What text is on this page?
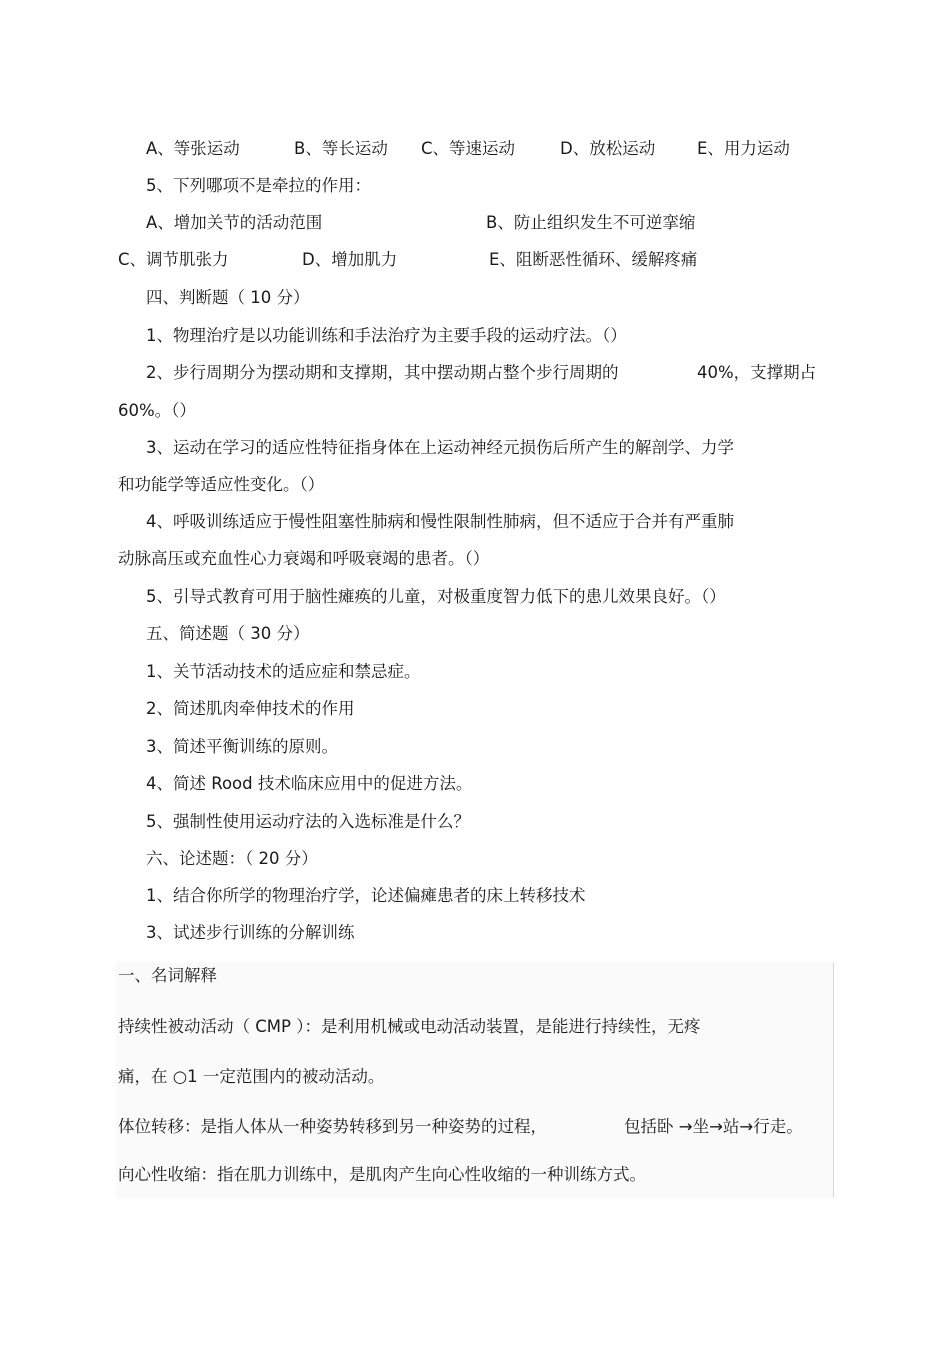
A、等张运动	B、等长运动 C、等速运动	D、放松运动	E、用力运动
5、下列哪项不是牵拉的作用：
A、增加关节的活动范围	B、防止组织发生不可逆挛缩
C、调节肌张力	D、增加肌力	E、阻断恶性循环、缓解疼痛
四、判断题（ 10 分）
1、物理治疗是以功能训练和手法治疗为主要手段的运动疗法。（）
2、步行周期分为摆动期和支撑期，其中摆动期占整个步行周期的	40%，支撑期占
60%。（）
3、运动在学习的适应性特征指身体在上运动神经元损伤后所产生的解剖学、力学
和功能学等适应性变化。（）
4、呼吸训练适应于慢性阻塞性肺病和慢性限制性肺病，但不适应于合并有严重肺
动脉高压或充血性心力衰竭和呼吸衰竭的患者。（）
5、引导式教育可用于脑性瘫痪的儿童，对极重度智力低下的患儿效果良好。（）
五、简述题（ 30 分）
1、关节活动技术的适应症和禁忌症。
2、简述肌肉牵伸技术的作用
3、简述平衡训练的原则。
4、简述 Rood 技术临床应用中的促进方法。
5、强制性使用运动疗法的入选标准是什么？
六、论述题：（ 20 分）
1、结合你所学的物理治疗学，论述偏瘫患者的床上转移技术
3、试述步行训练的分解训练
一、名词解释
持续性被动活动（ CMP ）：是利用机械或电动活动装置，是能进行持续性，无疼
痛，在 ○1 一定范围内的被动活动。
体位转移：是指人体从一种姿势转移到另一种姿势的过程，	包括卧 →坐→站→行走。
向心性收缩：指在肌力训练中，是肌肉产生向心性收缩的一种训练方式。
